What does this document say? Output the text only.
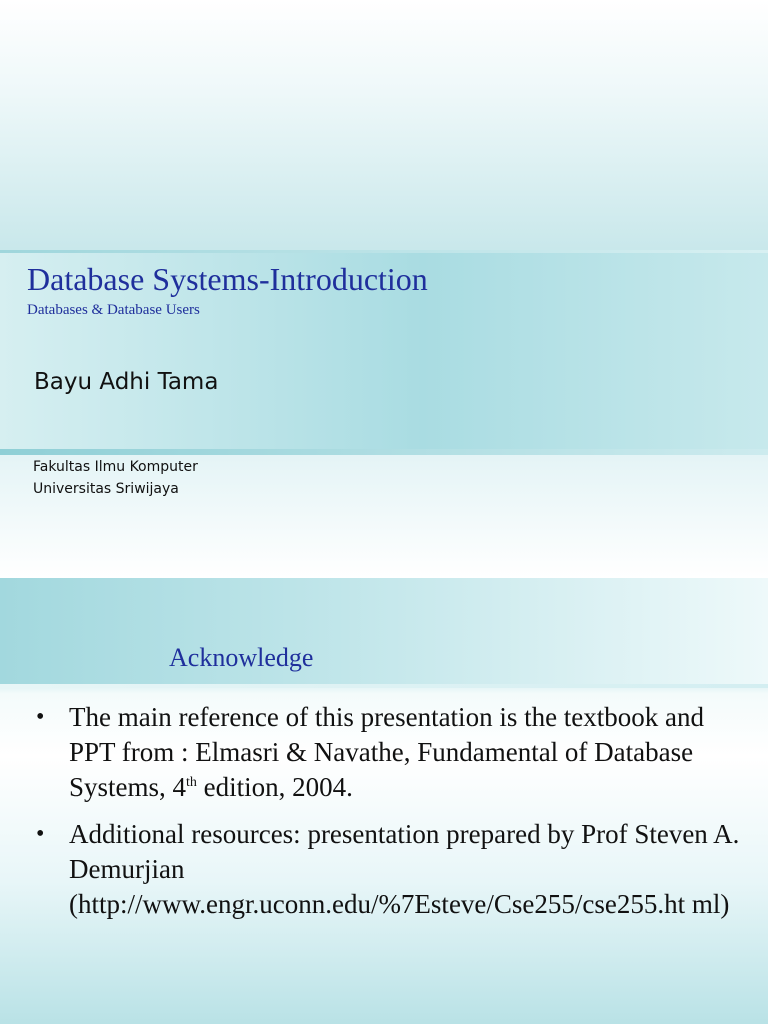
Database Systems-Introduction
Databases & Database Users
Bayu Adhi Tama
Fakultas Ilmu Komputer
Universitas Sriwijaya
Acknowledge
• The main reference of this presentation is the textbook and PPT from : Elmasri & Navathe, Fundamental of Database Systems, 4th edition, 2004.
• Additional resources: presentation prepared by Prof Steven A. Demurjian (http://www.engr.uconn.edu/%7Esteve/Cse255/cse255.ht ml)
